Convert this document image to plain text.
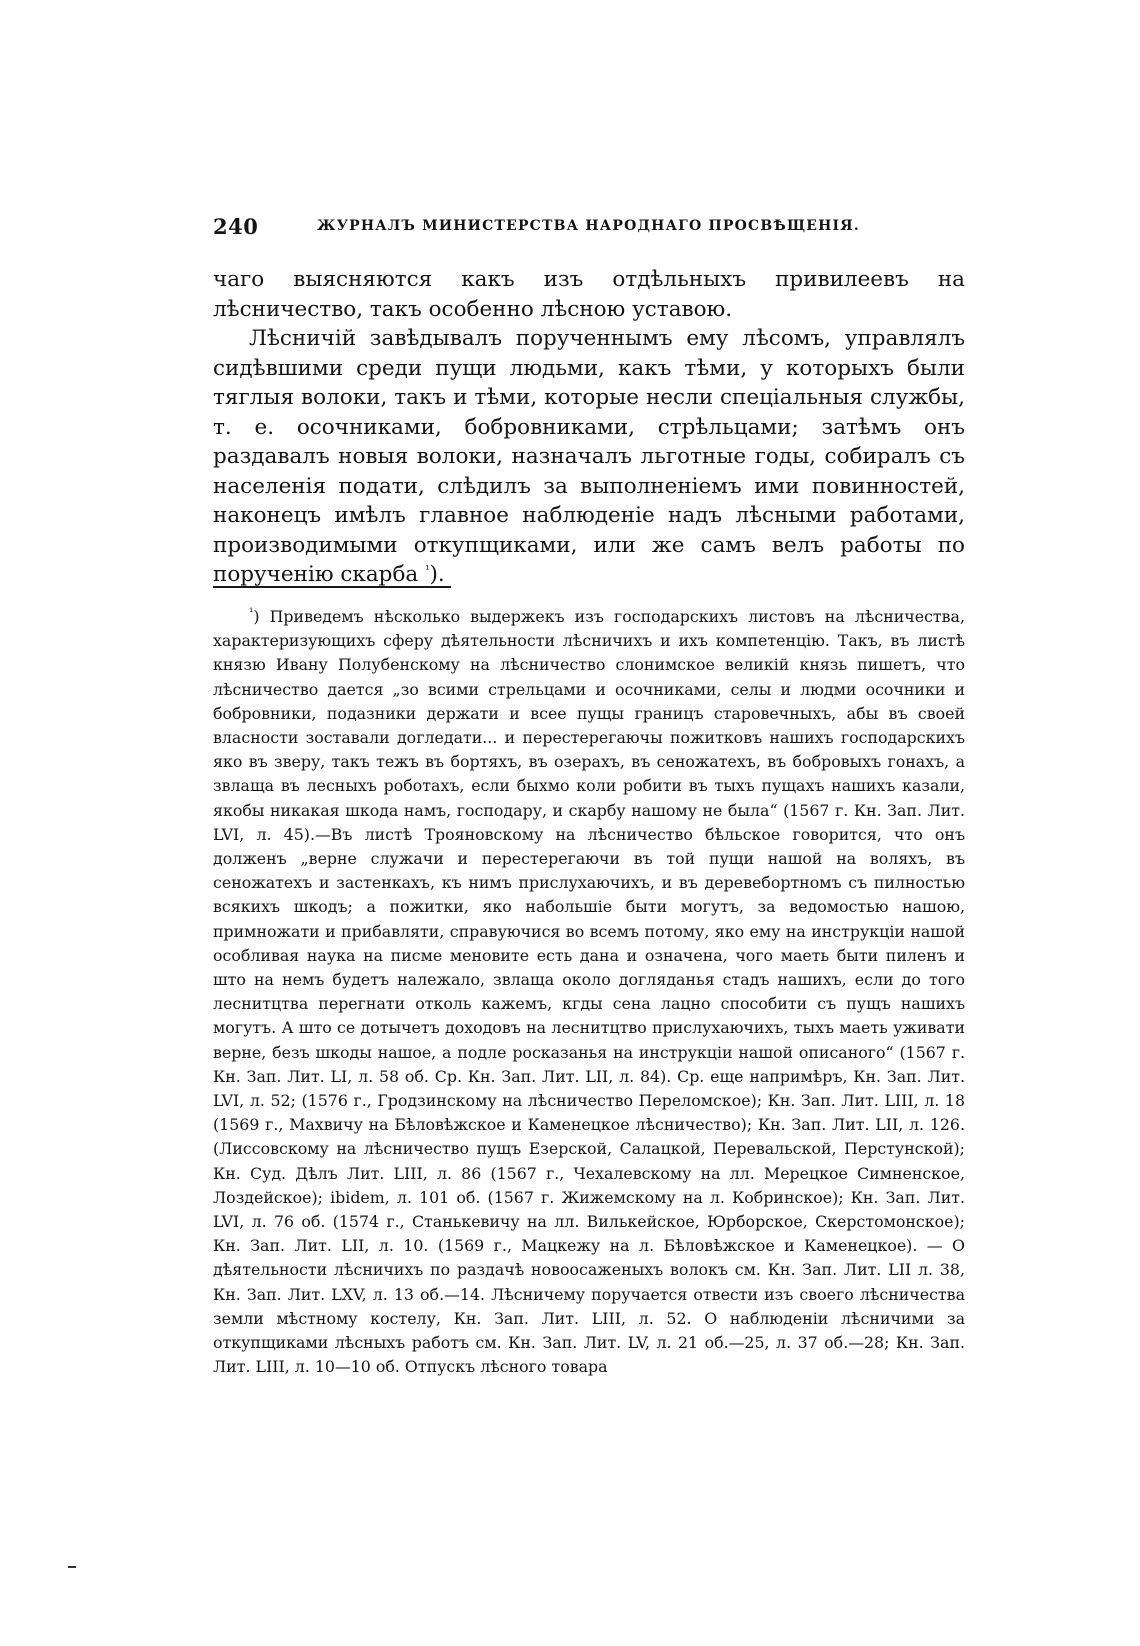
240	ЖУРНАЛЪ МИНИСТЕРСТВА НАРОДНАГО ПРОСВѢЩЕНІЯ.

чаго выясняются какъ изъ отдѣльныхъ привилеевъ на лѣсничество, такъ особенно лѣсною уставою.

Лѣсничій завѣдывалъ порученнымъ ему лѣсомъ, управлялъ сидѣвшими среди пущи людьми, какъ тѣми, у которыхъ были тяглыя волоки, такъ и тѣми, которые несли спеціальныя службы, т. е. осочниками, бобровниками, стрѣльцами; затѣмъ онъ раздавалъ новыя волоки, назначалъ льготные годы, собиралъ съ населенія подати, слѣдилъ за выполненіемъ ими повинностей, наконецъ имѣлъ главное наблюденіе надъ лѣсными работами, производимыми откупщиками, или же самъ велъ работы по порученію скарба $^{^1}$).

$^{^1}$) Приведемъ нѣсколько выдержекъ изъ господарскихъ листовъ на лѣсничества, характеризующихъ сферу дѣятельности лѣсничихъ и ихъ компетенцію. Такъ, въ листѣ князю Ивану Полубенскому на лѣсничество слонимское великій князь пишетъ, что лѣсничество дается „зо всими стрельцами и осочниками, селы и людми осочники и бобровники, подазники держати и всее пущы границъ старовечныхъ, абы въ своей власности зоставали догледати... и перестерегаючы пожитковъ нашихъ господарскихъ яко въ зверу, такъ тежъ въ бортяхъ, въ озерахъ, въ сеножатехъ, въ бобровыхъ гонахъ, а звлаща въ лесныхъ роботахъ, если быхмо коли робити въ тыхъ пущахъ нашихъ казали, якобы никакая шкода намъ, господару, и скарбу нашому не была“ (1567 г. Кн. Зап. Лит. LVI, л. 45).—Въ листѣ Трояновскому на лѣсничество бѣльское говорится, что онъ долженъ „верне служачи и перестерегаючи въ той пущи нашой на воляхъ, въ сеножатехъ и застенкахъ, къ нимъ прислухаючихъ, и въ деревебортномъ съ пилностью всякихъ шкодъ; а пожитки, яко набольшіе быти могутъ, за ведомостью нашою, примножати и прибавляти, справуючися во всемъ потому, яко ему на инструкціи нашой особливая наука на писме меновите есть дана и означена, чого маеть быти пиленъ и што на немъ будетъ належало, звлаща около догляданья стадъ нашихъ, если до того леснитцтва перегнати отколь кажемъ, кгды сена лацно способити съ пущъ нашихъ могутъ. А што се дотычетъ доходовъ на леснитцтво прислухаючихъ, тыхъ маеть уживати верне, безъ шкоды нашое, а подле росказанья на инструкціи нашой описаного“ (1567 г. Кн. Зап. Лит. LI, л. 58 об. Ср. Кн. Зап. Лит. LII, л. 84). Ср. еще напримѣръ, Кн. Зап. Лит. LVI, л. 52; (1576 г., Гродзинскому на лѣсничество Переломское); Кн. Зап. Лит. LIII, л. 18 (1569 г., Махвичу на Бѣловѣжское и Каменецкое лѣсничество); Кн. Зап. Лит. LII, л. 126. (Лиссовскому на лѣсничество пущъ Езерской, Салацкой, Перевальской, Перстунской); Кн. Суд. Дѣлъ Лит. LIII, л. 86 (1567 г., Чехалевскому на лл. Мерецкое Симненское, Лоздейское); ibidem, л. 101 об. (1567 г. Жижемскому на л. Кобринское); Кн. Зап. Лит. LVI, л. 76 об. (1574 г., Станькевичу на лл. Вилькейское, Юрборское, Скерстомонское); Кн. Зап. Лит. LII, л. 10. (1569 г., Мацкежу на л. Бѣловѣжское и Каменецкое). — О дѣятельности лѣсничихъ по раздачѣ новоосаженыхъ волокъ см. Кн. Зап. Лит. LII л. 38, Кн. Зап. Лит. LXV, л. 13 об.—14. Лѣсничему поручается отвести изъ своего лѣсничества земли мѣстному костелу, Кн. Зап. Лит. LIII, л. 52. О наблюденіи лѣсничими за откупщиками лѣсныхъ работъ см. Кн. Зап. Лит. LV, л. 21 об.—25, л. 37 об.—28; Кн. Зап. Лит. LIII, л. 10—10 об. Отпускъ лѣсного товара
